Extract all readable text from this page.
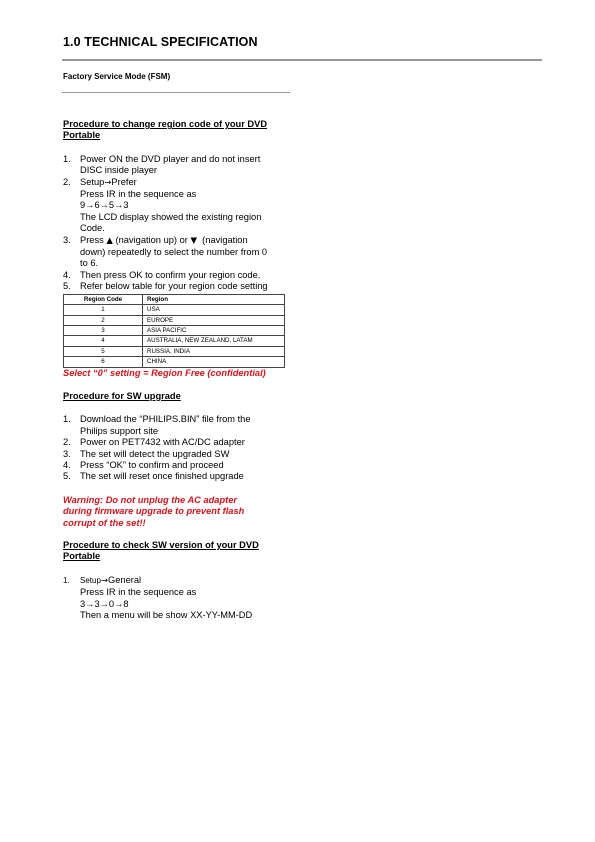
1.0 TECHNICAL SPECIFICATION
Factory Service Mode (FSM)
Procedure to change region code of your DVD
Portable
1. Power ON the DVD player and do not insert
DISC inside player
2. Setup→Prefer
Press IR in the sequence as
9→6→5→3
The LCD display showed the existing region
Code.
3. Press ▲ (navigation up) or ▼ (navigation
down) repeatedly to select the number from 0
to 6.
4. Then press OK to confirm your region code.
5. Refer below table for your region code setting
Region Code	Region
1	USA
2	EUROPE
3	ASIA PACIFIC
4	AUSTRALIA, NEW ZEALAND, LATAM
5	RUSSIA, INDIA
6	CHINA
Select “0” setting = Region Free (confidential)
Procedure for SW upgrade
1. Download the “PHILIPS.BIN” file from the
Philips support site
2. Power on PET7432 with AC/DC adapter
3. The set will detect the upgraded SW
4. Press “OK” to confirm and proceed
5. The set will reset once finished upgrade
Warning: Do not unplug the AC adapter
during firmware upgrade to prevent flash
corrupt of the set!!
Procedure to check SW version of your DVD
Portable
1. Setup→General
Press IR in the sequence as
3→3→0→8
Then a menu will be show XX-YY-MM-DD
